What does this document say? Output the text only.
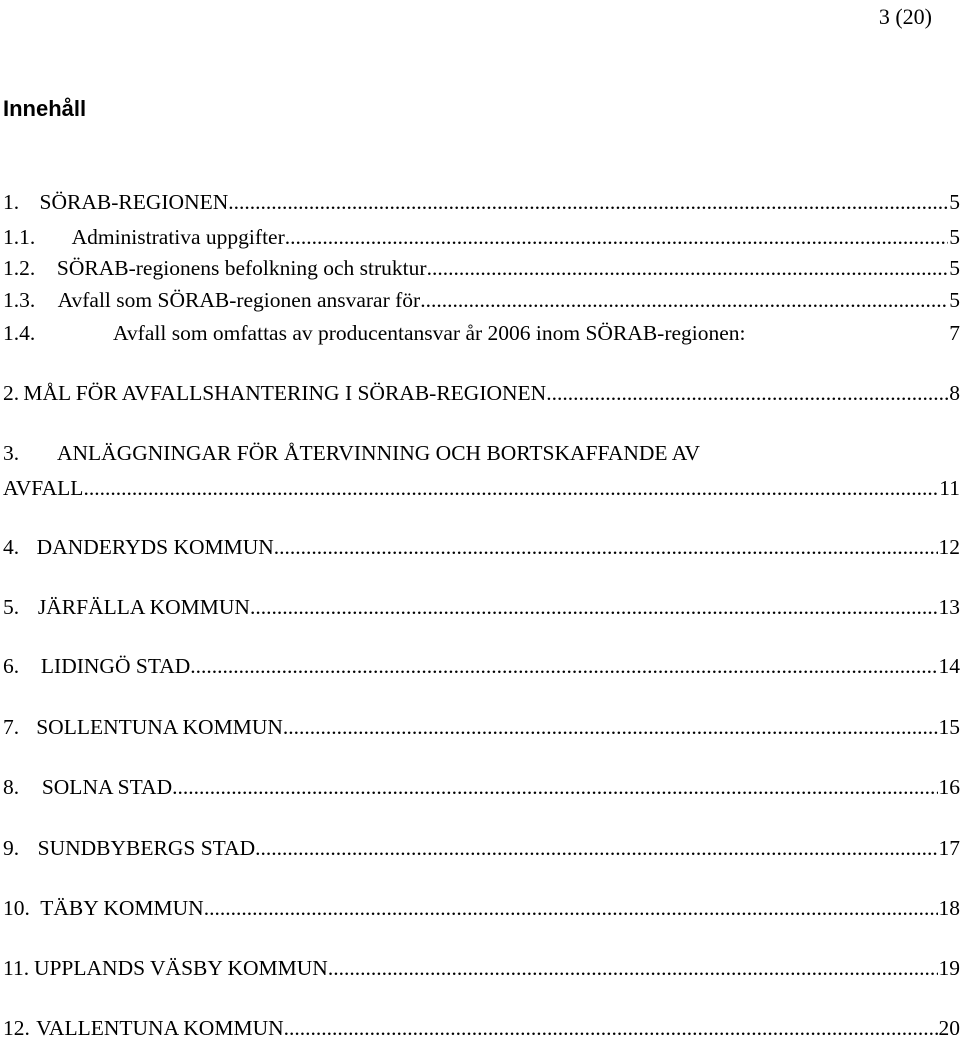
3 (20)
Innehåll
1. SÖRAB-REGIONEN .....	5
1.1.	Administrativa uppgifter .....	5
1.2.	SÖRAB-regionens befolkning och struktur .....	5
1.3.	Avfall som SÖRAB-regionen ansvarar för .....	5
1.4.	Avfall som omfattas av producentansvar år 2006 inom SÖRAB-regionen:	7
2. MÅL FÖR AVFALLSHANTERING I SÖRAB-REGIONEN .....	8
3.	ANLÄGGNINGAR FÖR ÅTERVINNING OCH BORTSKAFFANDE AV
AVFALL .....	11
4. DANDERYDS KOMMUN .....	12
5. JÄRFÄLLA KOMMUN .....	13
6.	LIDINGÖ STAD .....	14
7. SOLLENTUNA KOMMUN .....	15
8.	SOLNA STAD .....	16
9. SUNDBYBERGS STAD .....	17
10. TÄBY KOMMUN .....	18
11. UPPLANDS VÄSBY KOMMUN .....	19
12. VALLENTUNA KOMMUN .....	20
